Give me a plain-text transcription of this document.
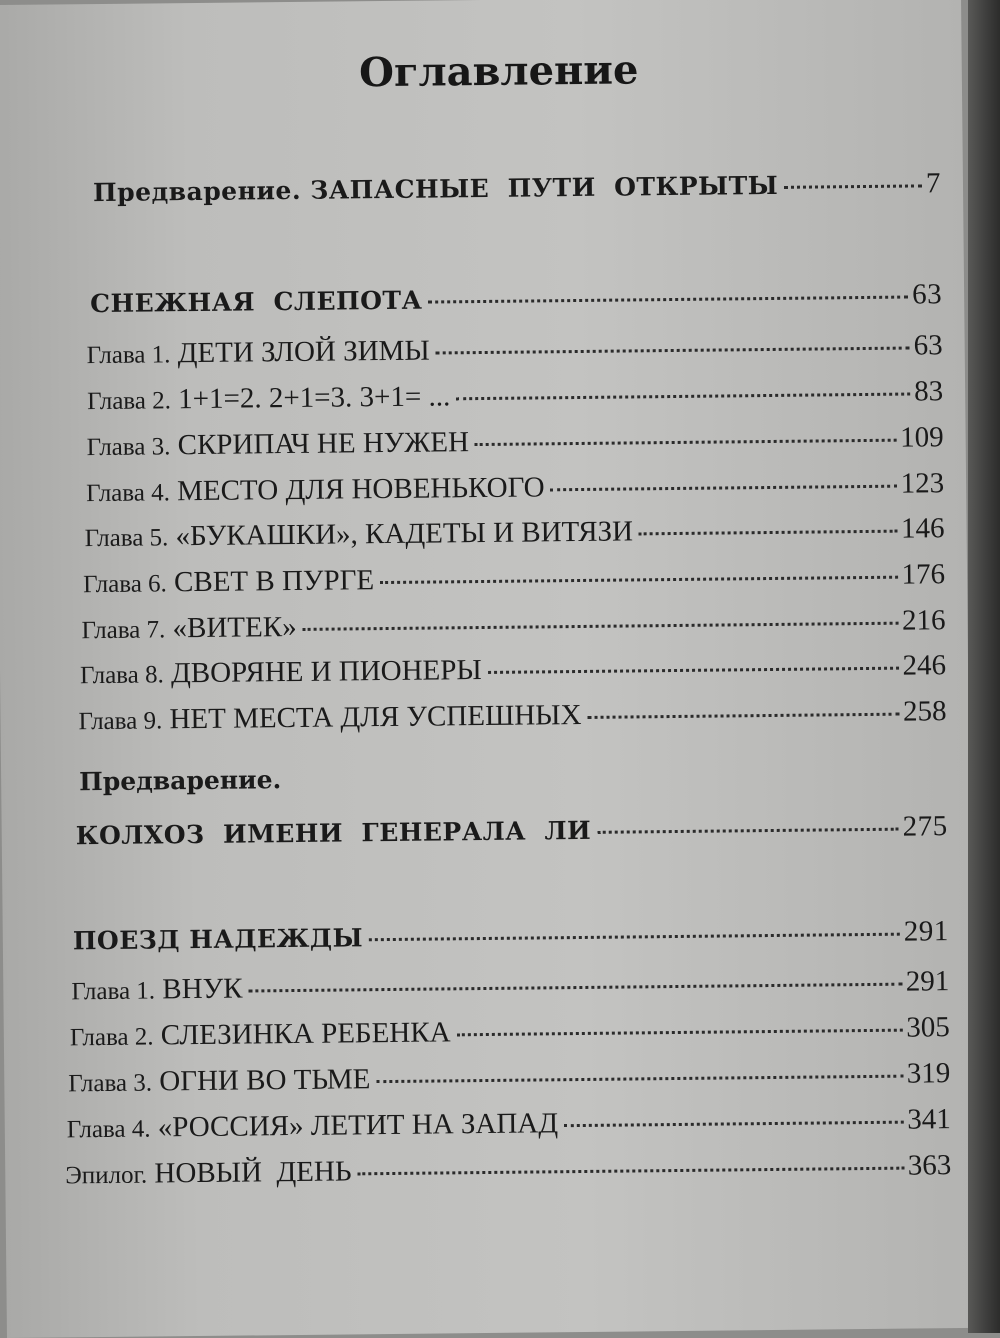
Оглавление
Предварение. ЗАПАСНЫЕ  ПУТИ  ОТКРЫТЫ	7
СНЕЖНАЯ  СЛЕПОТА	63
Глава 1. ДЕТИ ЗЛОЙ ЗИМЫ	63
Глава 2. 1+1=2. 2+1=3. 3+1= ...	83
Глава 3. СКРИПАЧ НЕ НУЖЕН	109
Глава 4. МЕСТО ДЛЯ НОВЕНЬКОГО	123
Глава 5. «БУКАШКИ», КАДЕТЫ И ВИТЯЗИ	146
Глава 6. СВЕТ В ПУРГЕ	176
Глава 7. «ВИТЕК»	216
Глава 8. ДВОРЯНЕ И ПИОНЕРЫ	246
Глава 9. НЕТ МЕСТА ДЛЯ УСПЕШНЫХ	258
Предварение.
КОЛХОЗ  ИМЕНИ  ГЕНЕРАЛА  ЛИ	275
ПОЕЗД НАДЕЖДЫ	291
Глава 1. ВНУК	291
Глава 2. СЛЕЗИНКА РЕБЕНКА	305
Глава 3. ОГНИ ВО ТЬМЕ	319
Глава 4. «РОССИЯ» ЛЕТИТ НА ЗАПАД	341
Эпилог. НОВЫЙ  ДЕНЬ	363
